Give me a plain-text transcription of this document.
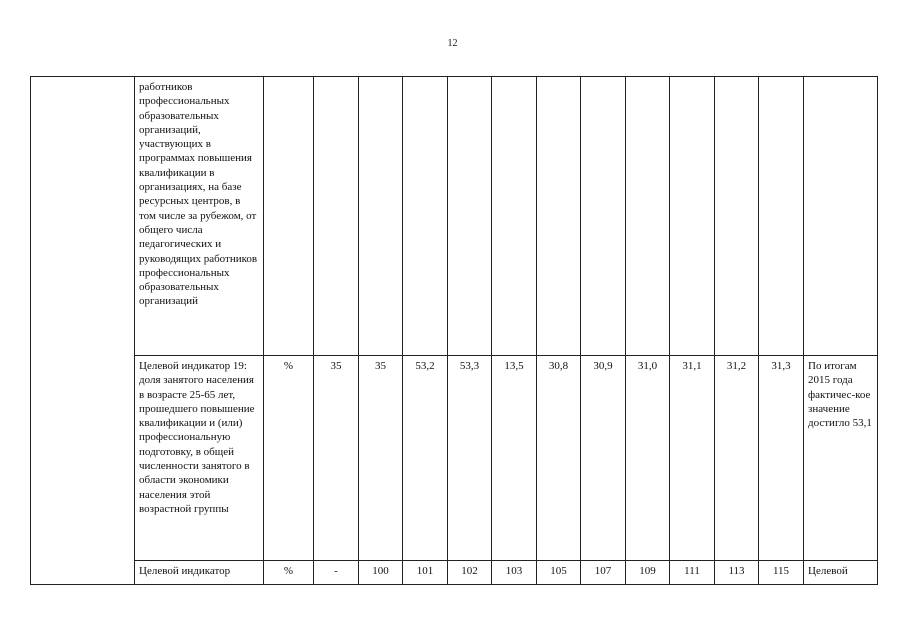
12
	работников профессиональных образовательных организаций, участвующих в программах повышения квалификации в организациях, на базе ресурсных центров, в том числе за рубежом, от общего числа педагогических и руководящих работников профессиональных образовательных организаций													
	Целевой индикатор 19: доля занятого населения в возрасте 25-65 лет, прошедшего повышение квалификации и (или) профессиональную подготовку, в общей численности занятого в области экономики населения этой возрастной группы	%	35	35	53,2	53,3	13,5	30,8	30,9	31,0	31,1	31,2	31,3	По итогам 2015 года фактичес-кое значение достигло 53,1
	Целевой индикатор	%	-	100	101	102	103	105	107	109	111	113	115	Целевой
